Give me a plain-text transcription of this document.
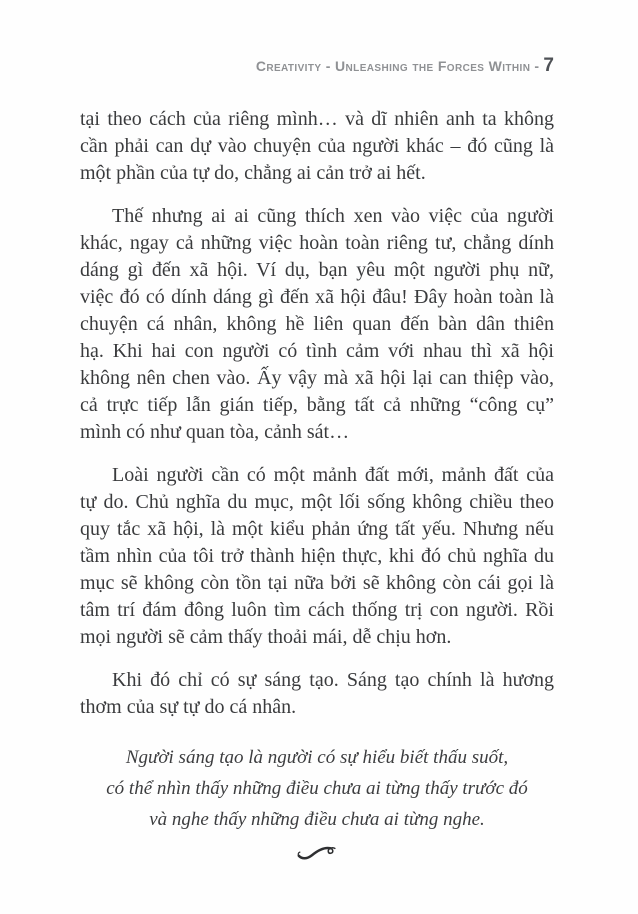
Creativity - Unleashing the Forces Within - 7
tại theo cách của riêng mình… và dĩ nhiên anh ta không
cần phải can dự vào chuyện của người khác – đó cũng là
một phần của tự do, chẳng ai cản trở ai hết.
Thế nhưng ai ai cũng thích xen vào việc của người
khác, ngay cả những việc hoàn toàn riêng tư, chẳng dính
dáng gì đến xã hội. Ví dụ, bạn yêu một người phụ nữ,
việc đó có dính dáng gì đến xã hội đâu! Đây hoàn toàn là
chuyện cá nhân, không hề liên quan đến bàn dân thiên
hạ. Khi hai con người có tình cảm với nhau thì xã hội
không nên chen vào. Ấy vậy mà xã hội lại can thiệp vào,
cả trực tiếp lẫn gián tiếp, bằng tất cả những “công cụ”
mình có như quan tòa, cảnh sát…
Loài người cần có một mảnh đất mới, mảnh đất của
tự do. Chủ nghĩa du mục, một lối sống không chiều theo
quy tắc xã hội, là một kiểu phản ứng tất yếu. Nhưng nếu
tầm nhìn của tôi trở thành hiện thực, khi đó chủ nghĩa du
mục sẽ không còn tồn tại nữa bởi sẽ không còn cái gọi là
tâm trí đám đông luôn tìm cách thống trị con người. Rồi
mọi người sẽ cảm thấy thoải mái, dễ chịu hơn.
Khi đó chỉ có sự sáng tạo. Sáng tạo chính là hương
thơm của sự tự do cá nhân.
Người sáng tạo là người có sự hiểu biết thấu suốt,
có thể nhìn thấy những điều chưa ai từng thấy trước đó
và nghe thấy những điều chưa ai từng nghe.
